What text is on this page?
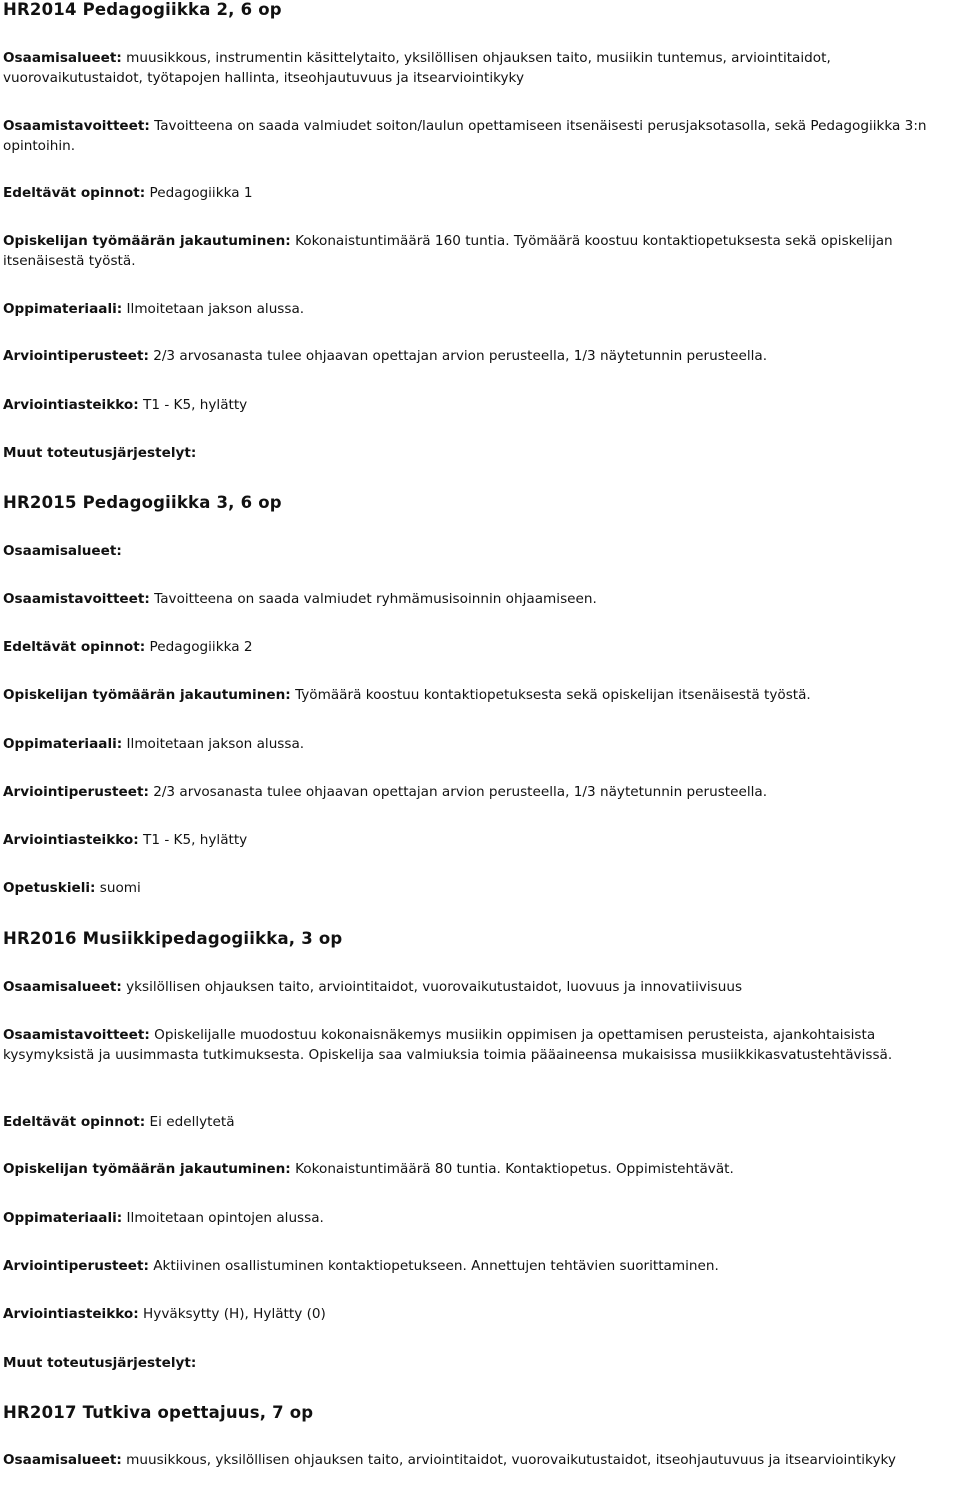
HR2014 Pedagogiikka 2, 6 op
Osaamisalueet: muusikkous, instrumentin käsittelytaito, yksilöllisen ohjauksen taito, musiikin tuntemus, arviointitaidot, vuorovaikutustaidot, työtapojen hallinta, itseohjautuvuus ja itsearviointikyky
Osaamistavoitteet: Tavoitteena on saada valmiudet soiton/laulun opettamiseen itsenäisesti perusjaksotasolla, sekä Pedagogiikka 3:n opintoihin.
Edeltävät opinnot: Pedagogiikka 1
Opiskelijan työmäärän jakautuminen: Kokonaistuntimäärä 160 tuntia. Työmäärä koostuu kontaktiopetuksesta sekä opiskelijan itsenäisestä työstä.
Oppimateriaali: Ilmoitetaan jakson alussa.
Arviointiperusteet: 2/3 arvosanasta tulee ohjaavan opettajan arvion perusteella, 1/3 näytetunnin perusteella.
Arviointiasteikko: T1 - K5, hylätty
Muut toteutusjärjestelyt:
HR2015 Pedagogiikka 3, 6 op
Osaamisalueet:
Osaamistavoitteet: Tavoitteena on saada valmiudet ryhmämusisoinnin ohjaamiseen.
Edeltävät opinnot: Pedagogiikka 2
Opiskelijan työmäärän jakautuminen: Työmäärä koostuu kontaktiopetuksesta sekä opiskelijan itsenäisestä työstä.
Oppimateriaali: Ilmoitetaan jakson alussa.
Arviointiperusteet: 2/3 arvosanasta tulee ohjaavan opettajan arvion perusteella, 1/3 näytetunnin perusteella.
Arviointiasteikko: T1 - K5, hylätty
Opetuskieli: suomi
HR2016 Musiikkipedagogiikka, 3 op
Osaamisalueet: yksilöllisen ohjauksen taito, arviointitaidot, vuorovaikutustaidot, luovuus ja innovatiivisuus
Osaamistavoitteet: Opiskelijalle muodostuu kokonaisnäkemys musiikin oppimisen ja opettamisen perusteista, ajankohtaisista kysymyksistä ja uusimmasta tutkimuksesta. Opiskelija saa valmiuksia toimia pääaineensa mukaisissa musiikkikasvatustehtävissä.
Edeltävät opinnot: Ei edellytetä
Opiskelijan työmäärän jakautuminen: Kokonaistuntimäärä 80 tuntia. Kontaktiopetus. Oppimistehtävät.
Oppimateriaali: Ilmoitetaan opintojen alussa.
Arviointiperusteet: Aktiivinen osallistuminen kontaktiopetukseen. Annettujen tehtävien suorittaminen.
Arviointiasteikko: Hyväksytty (H), Hylätty (0)
Muut toteutusjärjestelyt:
HR2017 Tutkiva opettajuus, 7 op
Osaamisalueet: muusikkous, yksilöllisen ohjauksen taito, arviointitaidot, vuorovaikutustaidot, itseohjautuvuus ja itsearviointikyky
